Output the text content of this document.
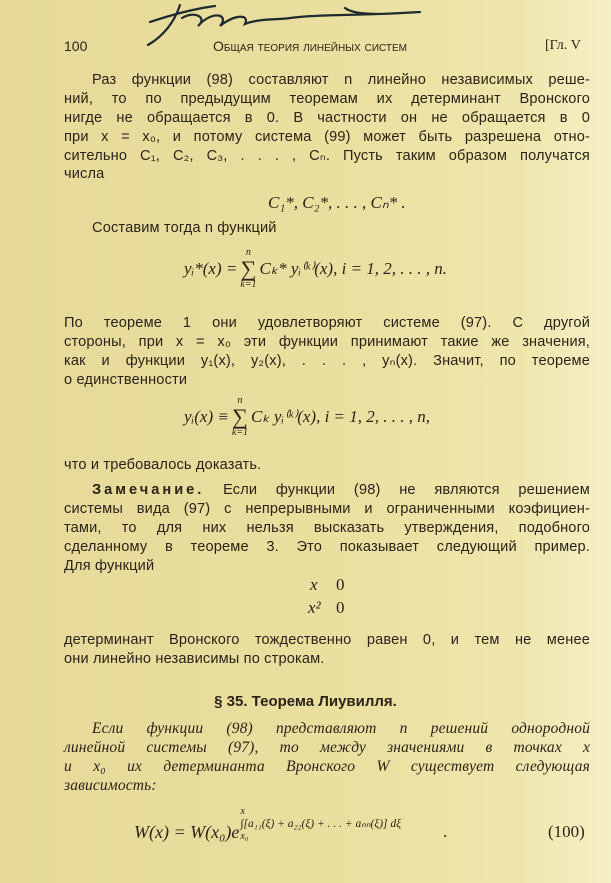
100	Общая теория линейных систем	[Гл. V
Раз функции (98) составляют n линейно независимых реше-
ний, то по предыдущим теоремам их детерминант Вронского
нигде не обращается в 0. В частности он не обращается в 0
при x = x₀, и потому система (99) может быть разрешена отно-
сительно C₁, C₂, C₃, . . . , Cₙ. Пусть таким образом получатся
числа
C₁*, C₂*, . . . , Cₙ* .
Составим тогда n функций
yᵢ*(x) =
n
∑
k=1
Cₖ* yᵢ⁽ᵏ⁾(x), i = 1, 2, . . . , n.
По теореме 1 они удовлетворяют системе (97). С другой
стороны, при x = x₀ эти функции принимают такие же значения,
как и функции y₁(x), y₂(x), . . . , yₙ(x). Значит, по теореме
о единственности
yᵢ(x) ≡
n
∑
k=1
Cₖ yᵢ⁽ᵏ⁾(x), i = 1, 2, . . . , n,
что и требовалось доказать.
Замечание. Если функции (98) не являются решением
системы вида (97) с непрерывными и ограниченными коэфициен-
тами, то для них нельзя высказать утверждения, подобного
сделанному в теореме 3. Это показывает следующий пример.
Для функций
x 0
x² 0
детерминант Вронского тождественно равен 0, и тем не менее
они линейно независимы по строкам.
§ 35. Теорема Лиувилля.
Если функции (98) представляют n решений однородной
линейной системы (97), то между значениями в точках x
и x₀ их детерминанта Вронского W существует следующая
зависимость:
W(x) = W(x₀)e
x
∫[a₁₁(ξ) + a₂₂(ξ) + . . . + aₙₙ(ξ)] dξ
x₀	.	(100)
